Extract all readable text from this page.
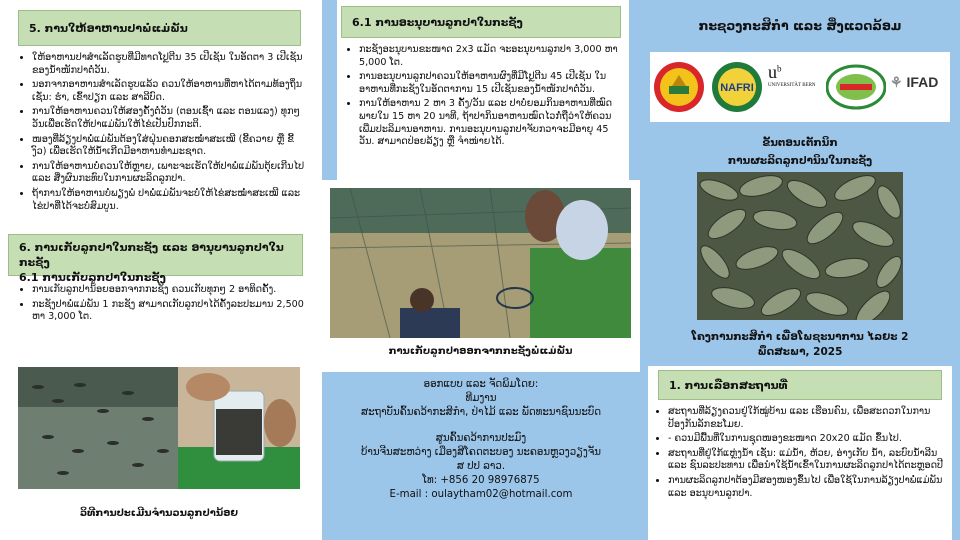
5. ການໃຫ້ອາຫານປາພໍ່ແມ່ພັນ
• ໃຫ້ອາຫານປາສຳເລັດຮູບທີ່ມີທາດໂປຼຕີນ 35 ເປີເຊັນ ໃນອັດຕາ 3 ເປີເຊັນ ຂອງນ້ຳໜັກປາຕໍ່ວັນ.
• ນອກຈາກອາຫານສຳເລັດຮູບແລ້ວ ຄວນໃຫ້ອາຫານທີ່ຫາໄດ້ຕາມທ້ອງຖິ່ນເຊັ່ນ: ຮຳ, ເຂົ້າປຽກ ແລະ ສາລີບົດ.
• ການໃຫ້ອາຫານຄວນໃຫ້ສອງຄັ້ງຕໍ່ວັນ (ຕອນເຊົ້າ ແລະ ຕອນແລງ) ທຸກໆວັນເພື່ອເຮັດໃຫ້ປາແມ່ພັນໃຫ້ໄຂ່ເປັນປົກກະຕິ.
• ໜອງທີ່ລ້ຽງປາພໍ່ແມ່ພັນຕ້ອງໃສ່ຝຸ່ນຄອກສະໝໍ່າສະເໝີ (ຂີ້ຄວາຍ ຫຼື ຂີ້ງົວ) ເພື່ອເຮັດໃຫ້ນໍ້າເກີດມີອາຫານທຳມະຊາດ.
• ການໃຫ້ອາຫານບໍ່ຄວນໃຫ້ຫຼາຍ, ເພາະຈະເຮັດໃຫ້ປາພໍ່ແມ່ພັນຕຸ້ຍເກີນໄປ ແລະ ສີ່ງຜົນກະທົບໃນການຜະລິດລູກປາ.
• ຖ້າການໃຫ້ອາຫານບໍ່ພຽງພໍ ປາພໍ່ແມ່ພັນຈະບໍ່ໃຫ້ໄຂ່ສະໝໍ່າສະເໝີ ແລະ ໄຂ່ປາທີ່ໄດ້ຈະບໍ່ສົມບູນ.
6. ການເກັບລູກປາໃນກະຊັງ ແລະ ອານຸບານລູກປາໃນກະຊັງ
6.1 ການເກັບລູກປາໃນກະຊັງ
• ການເກັບລູກປານ້ອຍອອກຈາກກະຊັງ ຄວນເກັບທຸກໆ 2 ອາທິດຄັ້ງ.
• ກະຊັງປາພໍ່ແມ່ພັນ 1 ກະຊັງ ສາມາດເກັບລູກປາໄດ້ຄັ້ງລະປະມານ 2,500 ຫາ 3,000 ໂຕ.
ວິທີການປະເມີນຈຳນວນລູກປານ້ອຍ
6.1 ການອະນຸບານລູກປາໃນກະຊັງ
• ກະຊັງອະນຸບານຂະໜາດ 2x3 ແມັດ ຈະອະນຸບານລູກປາ 3,000 ຫາ 5,000 ໂຕ.
• ການອະນຸບານລູກປາຄວນໃຫ້ອາຫານຜົງທີ່ມີໂປຼຕີນ 45 ເປີເຊັນ ໃນອາຫານທີ່ກະຊັງໃນອັດຕາການ 15 ເປີເຊັນຂອງນ້ຳໜັກປາຕໍ່ວັນ.
• ການໃຫ້ອາຫານ 2 ຫາ 3 ຄັ້ງ/ວັນ ແລະ ປາບໍ່ຍອມກິນອາຫານທີ່ໝົດພາຍໃນ 15 ຫາ 20 ນາທີ, ຖ້າປາກິນອາຫານໝົດໄວກໍ່ຖືວ່າໃຫ້ຄວນເພີ່ມປະລິມານອາຫານ. ການອະນຸບານລູກປາຈັບກວາຈະມີອາຍຸ 45 ວັນ. ສາມາດປ່ອຍລ້ຽງ ຫຼື ຈຳໜ່າຍໄດ້.
ການເກັບລູກປາອອກຈາກກະຊັງພໍ່ແມ່ພັນ
ອອກແບບ ແລະ ຈັດພິມໂດຍ:
ທີມງານ
ສະຖາບັນຄົ້ນຄວ້າກະສິກຳ, ປ່າໄມ້ ແລະ ພັດທະນາຊົນນະບົດ
ສູນຄົ້ນຄວ້າການປະມົງ
ບ້ານຈີນສະຫວ່າງ ເມືອງສີໂຄດຕະບອງ ນະຄອນຫຼວງວຽງຈັນ
ສ ປປ ລາວ.
ໂທ: +856 20 98976875
E-mail : oulaytham02@hotmail.com
ກະຊວງກະສິກຳ ແລະ ສິ່ງແວດລ້ອມ
NAFRI
$u^b$
UNIVERSITÄT BERN	⚘ IFAD
ຂັ້ນຕອນເຕັກນິກ
ການຜະລິດລູກປານິນໃນກະຊັງ
ໂຄງການກະສິກຳ ເພື່ອໂພຊະນາການ ໄລຍະ 2
ພຶດສະພາ, 2025
1. ການເລືອກສະຖານທີ່
• ສະຖານທີ່ລ້ຽງຄວນຢູ່ໃກ້ໝູ່ບ້ານ ແລະ ເຮືອນຄົນ, ເພື່ອສະດວກໃນການປ້ອງກັນລັກຂະໂມຍ.
• - ຄວນມີພື້ນທີ່ໃນການຊຸດໜອງຂະໜາດ 20x20 ແມັດ ຂຶ້ນໄປ.
• ສະຖານທີ່ຢູ່ໃກ້ແຫຼ່ງນ້ຳ ເຊັ່ນ: ແມ່ນ້ຳ, ຫ້ວຍ, ອ່າງເກັບ ນ້ຳ, ລະບົບນ້ຳລີນ ແລະ ຊົນລະປະທານ ເພື່ອນຳໃຊ້ນ້ຳເຂົ້າໃນການຜະລິດລູກປາໄດ້ຕະຫຼອດປີ
• ການຜະລິດລູກປາຕ້ອງມີສອງໜອງຂຶ້ນໄປ ເພື່ອໃຊ້ໃນການລ້ຽງປາພໍ່ແມ່ພັນ ແລະ ອະນຸບານລູກປາ.
